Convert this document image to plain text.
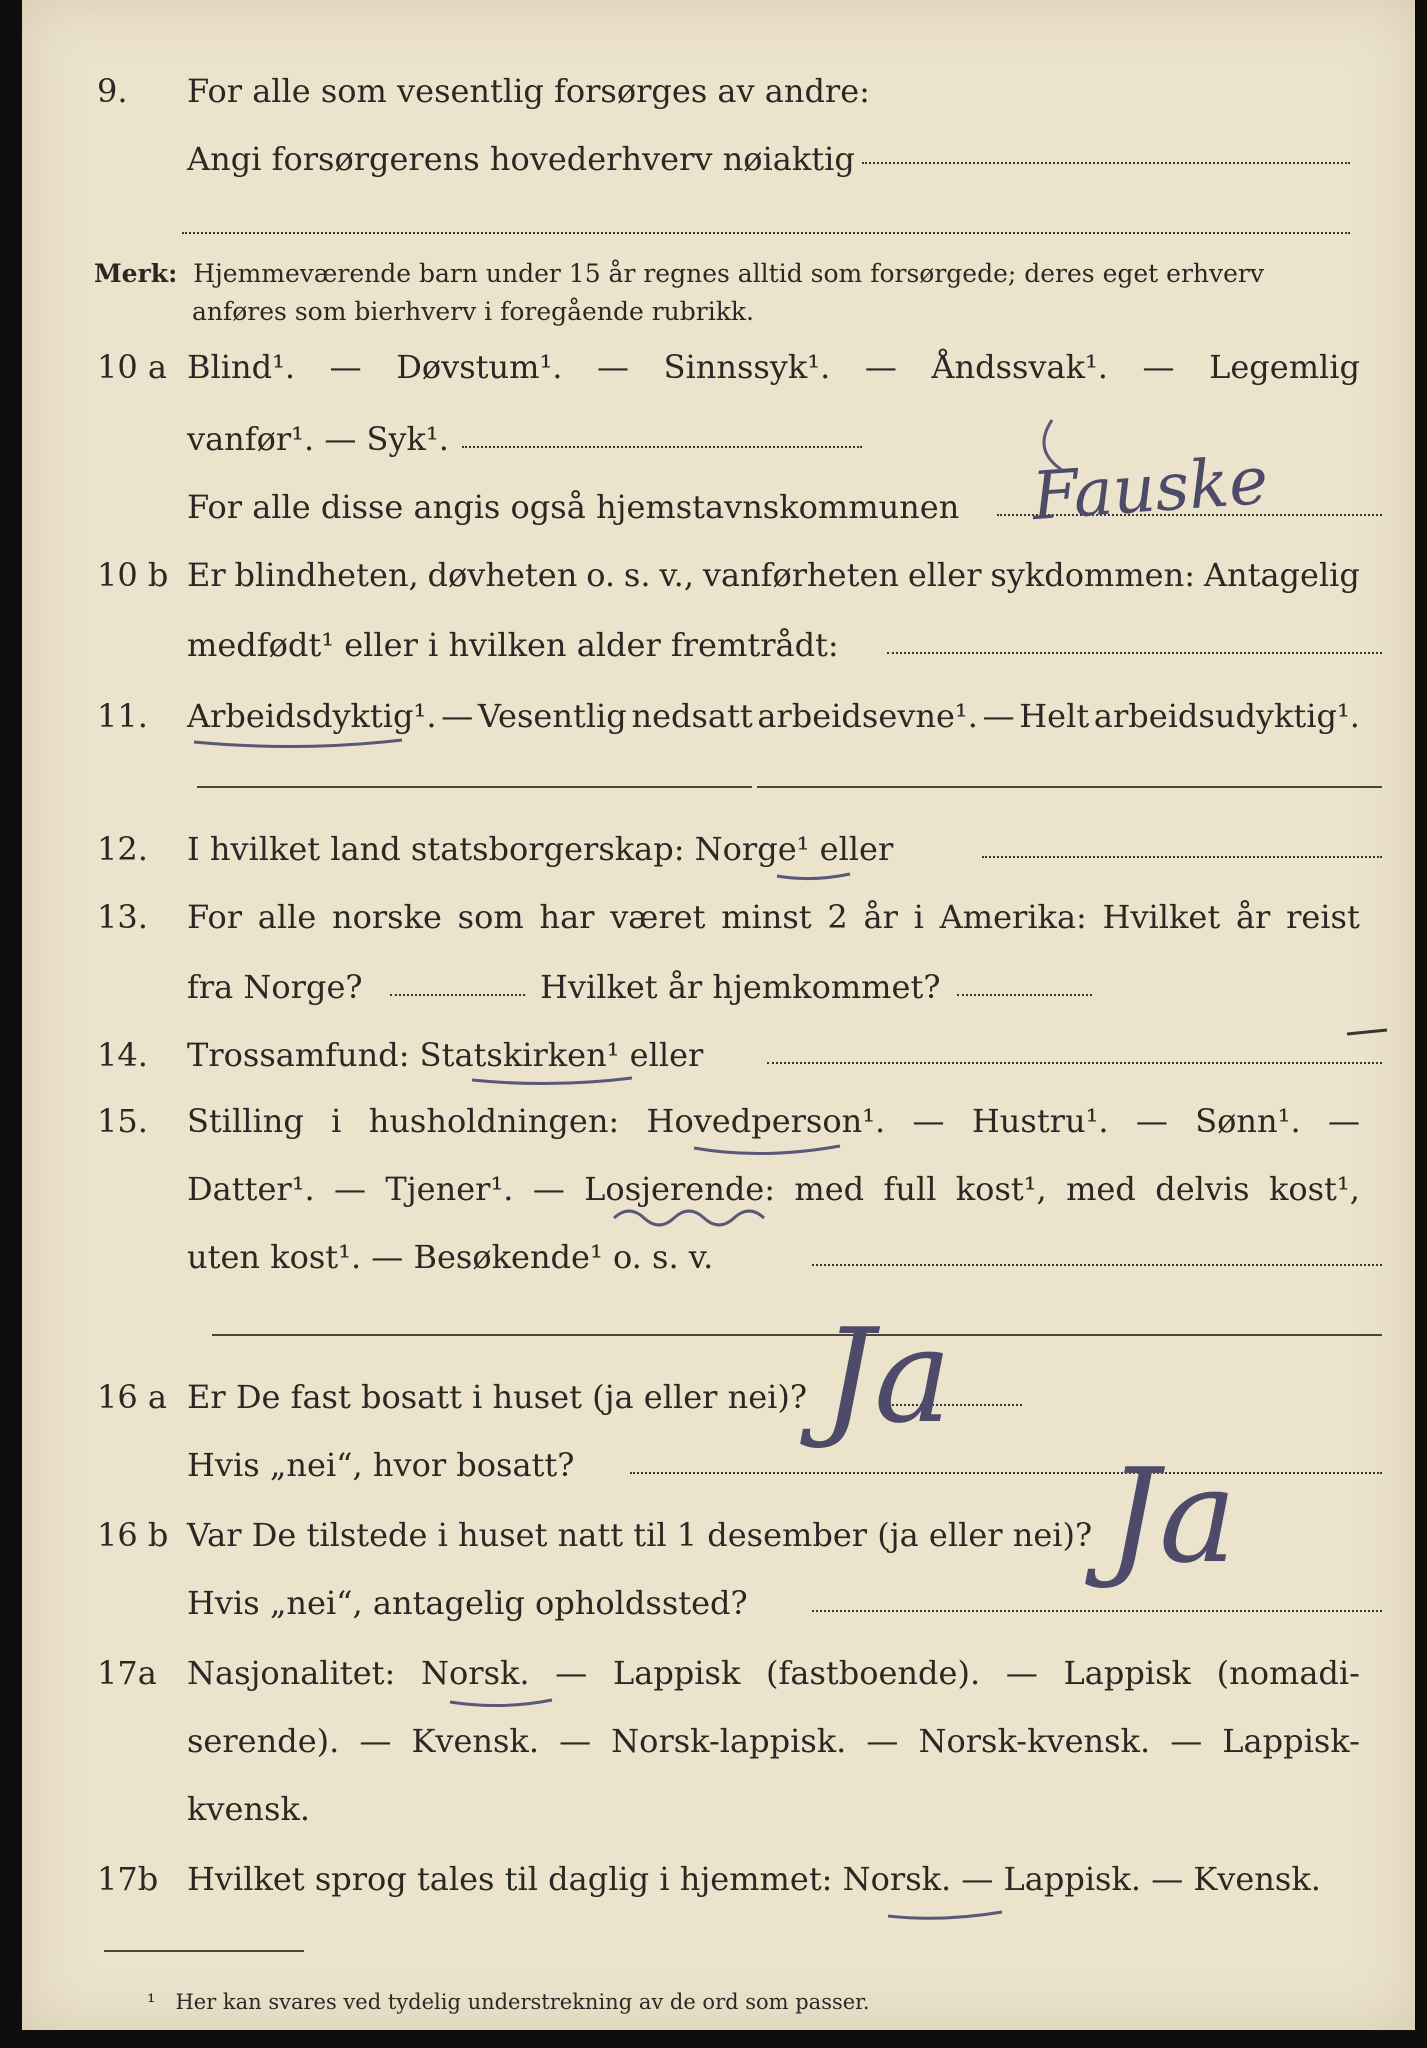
9. For alle som vesentlig forsørges av andre:
Angi forsørgerens hovederhverv nøiaktig
Merk: Hjemmeværende barn under 15 år regnes alltid som forsørgede; deres eget erhverv
anføres som bierhverv i foregående rubrikk.
10 a Blind¹. — Døvstum¹. — Sinnssyk¹. — Åndssvak¹. — Legemlig
vanfør¹. — Syk¹.
For alle disse angis også hjemstavnskommunen Fauske
10 b Er blindheten, døvheten o. s. v., vanførheten eller sykdommen: Antagelig
medfødt¹ eller i hvilken alder fremtrådt:
11. Arbeidsdyktig¹. — Vesentlig nedsatt arbeidsevne¹. — Helt arbeidsudyktig¹.
12. I hvilket land statsborgerskap: Norge¹ eller
13. For alle norske som har været minst 2 år i Amerika: Hvilket år reist
fra Norge?	Hvilket år hjemkommet?
14. Trossamfund: Statskirken¹ eller
15. Stilling i husholdningen: Hovedperson¹. — Hustru¹. — Sønn¹. —
Datter¹. — Tjener¹. — Losjerende: med full kost¹, med delvis kost¹,
uten kost¹. — Besøkende¹ o. s. v.
16 a Er De fast bosatt i huset (ja eller nei)? Ja
Hvis „nei“, hvor bosatt?
16 b Var De tilstede i huset natt til 1 desember (ja eller nei)? Ja
Hvis „nei“, antagelig opholdssted?
17a Nasjonalitet: Norsk. — Lappisk (fastboende). — Lappisk (nomadi-
serende). — Kvensk. — Norsk-lappisk. — Norsk-kvensk. — Lappisk-
kvensk.
17b Hvilket sprog tales til daglig i hjemmet: Norsk. — Lappisk. — Kvensk.
¹ Her kan svares ved tydelig understrekning av de ord som passer.
